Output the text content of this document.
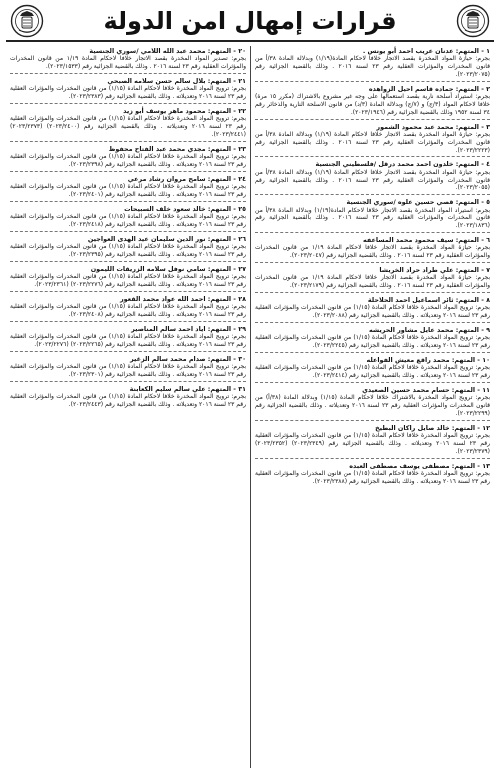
قرارات إمهال امن الدولة
١ - المتهم: عدنان عريب احمد أبو يونس .
بجرم: حيازة المواد المخدرة بقصد الاتجار خلافا لاحكام المادة(١/١٩) وبدلالة المادة ٣٨/أ من قانون المخدرات والمؤثرات العقلية رقم ٢٣ لسنة ٢٠١٦ . وذلك بالقضية الجزائية رقم (٢٠٢٣/٢٠٧٥).
٢ - المتهم: حماده قاسم احيل الزواهده
بجرم: استيراد أسلحة نارية بقصد استعمالها على وجه غير مشروع بالاشتراك (مكرر ١٥ مرة) خلافا لاحكام المواد (٣/ج) و (٧/ج) وبدلالة المادة (٣/د) من قانون الاسلحة النارية والذخائر رقم ٣٤ لسنة ١٩٥٢ وذلك بالقضية الجزائية رقم (٢٠٢٣/١٩٤٦).
٣ - المتهم: محمد عبد محمود الشمور
بجرم: حيازة المواد المخدرة بقصد الاتجار خلافا لاحكام المادة (١/١٩) وبدلالة المادة ٣٨/أ من قانون المخدرات والمؤثرات العقلية رقم ٢٣ لسنة ٢٠١٦ . وذلك بالقضية الجزائية رقم (٢٠٢٣/٢٢٢٣).
٤ - المتهم: خلدون احمد محمد درقل /فلسطيني الجنسية
بجرم: حيازة المواد المخدرة بقصد الاتجار خلافا لاحكام المادة (١/١٩) وبدلالة المادة ٣٨/أ من قانون المخدرات والمؤثرات العقلية رقم ٢٣ لسنة ٢٠١٦ . وذلك بالقضية الجزائية رقم (٢٠٢٣/٢٠٥٥).
٥ - المتهم: قصي حسين علوه /سوري الجنسية
بجرم: استيراد المواد المخدرة بقصد الاتجار خلافا لاحكام المادة(١/١٩) وبدلالة المادة ٣٨/أ من قانون المخدرات والمؤثرات العقلية رقم ٢٣ لسنة ٢٠١٦ . وذلك بالقضية الجزائية رقم (٢٠٢٣/١٨٣٦).
٦ - المتهم: سيف محمود محمد المساعفه
بجرم: حيازة المواد المخدرة بقصد الاتجار خلافا لاحكام المادة ١/١٩ من قانون المخدرات والمؤثرات العقلية رقم ٢٣ لسنة ٢٠١٦ . وذلك بالقضية الجزائية رقم (٢٠٢٣/٢٠٤٧).
٧ - المتهم: علي طراد حراد الخريشا
بجرم: حيازة المواد المخدرة بقصد الاتجار خلافا لاحكام المادة ١/١٩ من قانون المخدرات والمؤثرات العقلية رقم ٢٣ لسنة ٢٠١٦ . وذلك بالقضية الجزائية رقم (٢٠٢٣/٢١٧٩).
٨ - المتهم: ثائر اسماعيل احمد الحلاحلة
بجرم: ترويج المواد المخدرة خلافا لاحكام المادة (١/١٥) من قانون المخدرات والمؤثرات العقلية رقم ٢٣ لسنة ٢٠١٦ وتعديلاته . وذلك بالقضية الجزائية رقم (٢٠٢٣/٢٠٨٨).
٩ - المتهم: محمد عايل مشاور الحريشه
بجرم: ترويج المواد المخدرة خلافا لاحكام المادة (١/١٥) من قانون المخدرات والمؤثرات العقلية رقم ٢٣ لسنة ٢٠١٦ وتعديلاته . وذلك بالقضية الجزائية رقم (٢٠٢٣/٢٢٤٥).
١٠ - المتهم: محمد راقع معيش الفواعله
بجرم: ترويج المواد المخدرة خلافا لاحكام المادة (١/١٥) من قانون المخدرات والمؤثرات العقلية رقم ٢٣ لسنة ٢٠١٦ وتعديلاته . وذلك بالقضية الجزائية رقم (٢٠٢٣/٢٤١٤).
١١ - المتهم: حسام محمد حسين الصعيدي
بجرم: ترويج المواد المخدرة بالاشتراك خلافا لاحكام المادة (١/١٥) وبدلالة المادة (٣٨/أ) من قانون المخدرات والمؤثرات العقلية رقم ٢٣ لسنة ٢٠١٦ وتعديلاته . وذلك بالقضية الجزائية رقم (٢٠٢٣/٢٢٩٩).
١٢ - المتهم: خالد صايل راكان البطيخ
بجرم: ترويج المواد المخدرة خلافا لاحكام المادة (١/١٥) من قانون المخدرات والمؤثرات العقلية رقم ٢٣ لسنة ٢٠١٦ وتعديلاته . وذلك بالقضية الجزائية رقم (٢٠٢٣/٢٣٤٩) (٢٠٢٣/٢٣٥٢) (٢٠٢٣/٢٣٧٩).
١٣ - المتهم: مصطفى يوسف مصطفى العبده
بجرم: ترويج المواد المخدرة خلافا لاحكام المادة (١/١٥) من قانون المخدرات والمؤثرات العقلية رقم ٢٣ لسنة ٢٠١٦ وتعديلاته . وذلك بالقضية الجزائية رقم (٢٠٢٣/٢٣٨٨).
٢٠ - المتهم: محمد عبد الله اللامي /سوري الجنسية
بجرم: تصدير المواد المخدرة بقصد الاتجار خلافا لاحكام المادة ١/١٩ من قانون المخدرات والمؤثرات العقلية رقم ٢٣ لسنة ٢٠١٦ . وذلك بالقضية الجزائية رقم (٢٠٢٣/١٥٣٣).
٢١ - المتهم: بلال سالم حسن سلامه الصبحي
بجرم: ترويج المواد المخدرة خلافا لاحكام المادة (١/١٥) من قانون المخدرات والمؤثرات العقلية رقم ٢٣ لسنة ٢٠١٦ وتعديلاته . وذلك بالقضية الجزائية رقم (٢٠٢٣/٢٣٨٣).
٢٢ - المتهم: محمود ماهر يوسف أبو زيد
بجرم: ترويج المواد المخدرة خلافا لاحكام المادة (١/١٥) من قانون المخدرات والمؤثرات العقلية رقم ٢٣ لسنة ٢٠١٦ وتعديلاته . وذلك بالقضية الجزائية رقم (٢٠٢٣/٢٤٠٠) (٢٠٢٣/٢٣٧٣) (٢٠٢٣/٢٤٤١).
٢٣ - المتهم: مجدي محمد عبد الفتاح محفوظ
بجرم: ترويج المواد المخدرة خلافا لاحكام المادة (١/١٥) من قانون المخدرات والمؤثرات العقلية رقم ٢٣ لسنة ٢٠١٦ وتعديلاته . وذلك بالقضية الجزائية رقم (٢٠٢٣/٢٣٩٨).
٢٤ - المتهم: سامح مروان رشاد مرعي
بجرم: ترويج المواد المخدرة خلافا لاحكام المادة (١/١٥) من قانون المخدرات والمؤثرات العقلية رقم ٢٣ لسنة ٢٠١٦ وتعديلاته . وذلك بالقضية الجزائية رقم (٢٠٢٣/٢٤٠١).
٢٥ - المتهم: خالد سعود خلف السبيحات
بجرم: ترويج المواد المخدرة خلافا لاحكام المادة (١/١٥) من قانون المخدرات والمؤثرات العقلية رقم ٢٣ لسنة ٢٠١٦ وتعديلاته . وذلك بالقضية الجزائية رقم (٢٠٢٣/٢٤١٨).
٢٦ - المتهم: نور الدين سليمان عيد الهدى العواجين
بجرم: ترويج المواد المخدرة خلافا لاحكام المادة (١/١٥) من قانون المخدرات والمؤثرات العقلية رقم ٢٣ لسنة ٢٠١٦ وتعديلاته . وذلك بالقضية الجزائية رقم (٢٠٢٣/٢٣٩٥).
٢٧ - المتهم: سامي نوفل سلامه الزريقات الليمون
بجرم: ترويج المواد المخدرة خلافا لاحكام المادة (١/١٥) من قانون المخدرات والمؤثرات العقلية رقم ٢٣ لسنة ٢٠١٦ وتعديلاته . وذلك بالقضية الجزائية رقم (٢٠٢٣/٢٢٧٦) (٢٠٢٣/٢٣٦١).
٢٨ - المتهم: احمد الله عواد محمد القعور
بجرم: ترويج المواد المخدرة خلافا لاحكام المادة (١/١٥) من قانون المخدرات والمؤثرات العقلية رقم ٢٣ لسنة ٢٠١٦ وتعديلاته . وذلك بالقضية الجزائية رقم (٢٠٢٣/٢٤٠٨).
٢٩ - المتهم: اياد احمد سالم المناصير
بجرم: ترويج المواد المخدرة خلافا لاحكام المادة (١/١٥) من قانون المخدرات والمؤثرات العقلية رقم ٢٣ لسنة ٢٠١٦ وتعديلاته . وذلك بالقضية الجزائية رقم (٢٠٢٣/٢٢٦٥) (٢٠٢٣/٢٢٧٦).
٣٠ - المتهم: صدام محمد سالم الزغير
بجرم: ترويج المواد المخدرة خلافا لاحكام المادة (١/١٥) من قانون المخدرات والمؤثرات العقلية رقم ٢٣ لسنة ٢٠١٦ وتعديلاته . وذلك بالقضية الجزائية رقم (٢٠٢٣/٢٣٠١).
٣١ - المتهم: علي سالم سليم الكعابنة
بجرم: ترويج المواد المخدرة خلافا لاحكام المادة (١/١٥) من قانون المخدرات والمؤثرات العقلية رقم ٢٣ لسنة ٢٠١٦ وتعديلاته . وذلك بالقضية الجزائية رقم (٢٠٢٣/٢٤٤٣).
